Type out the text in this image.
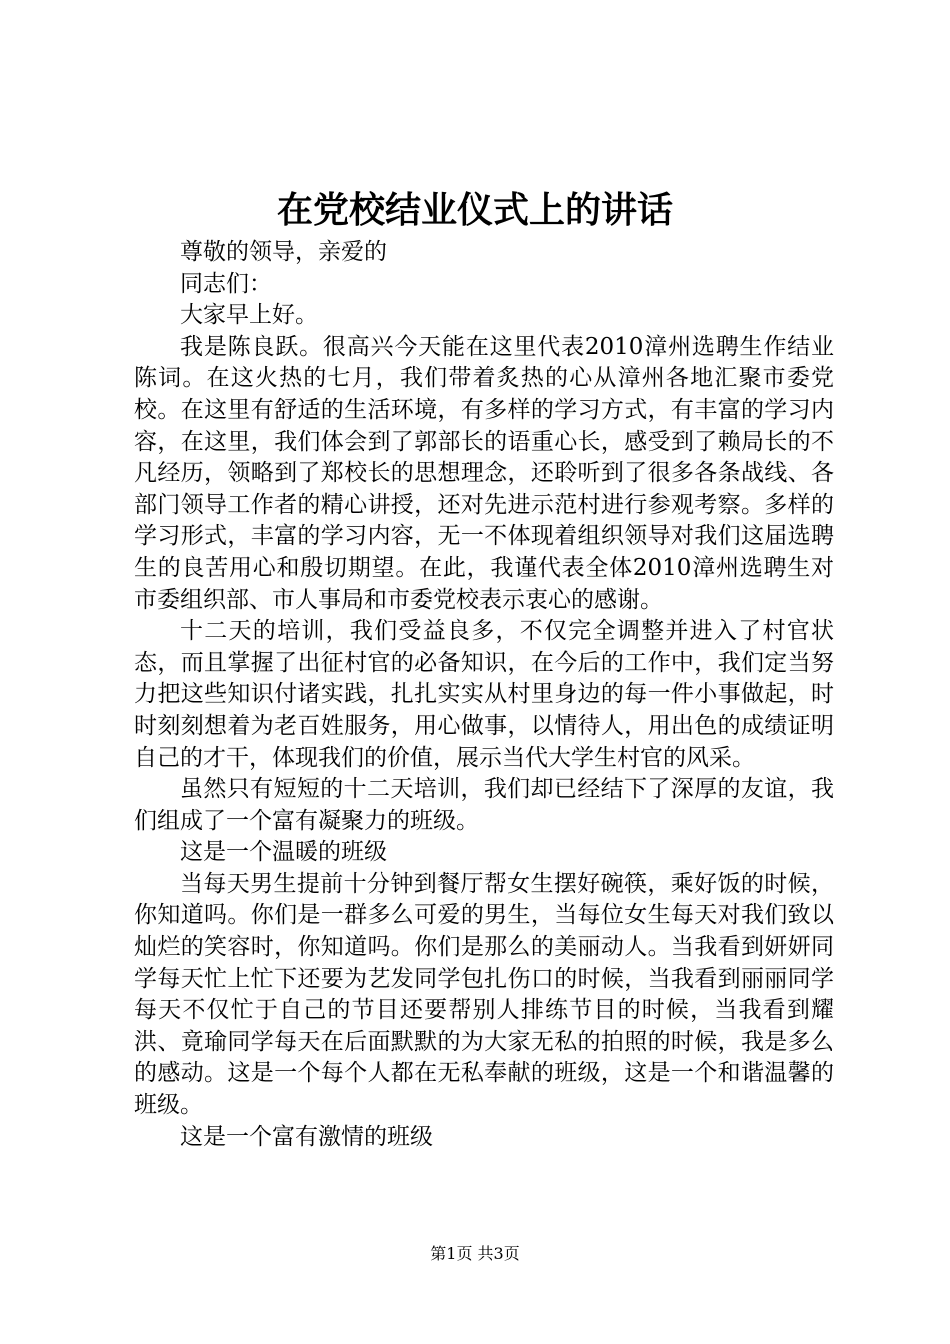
在党校结业仪式上的讲话

尊敬的领导，亲爱的

同志们：

大家早上好。

我是陈良跃。很高兴今天能在这里代表2010漳州选聘生作结业陈词。在这火热的七月，我们带着炙热的心从漳州各地汇聚市委党校。在这里有舒适的生活环境，有多样的学习方式，有丰富的学习内容，在这里，我们体会到了郭部长的语重心长，感受到了赖局长的不凡经历，领略到了郑校长的思想理念，还聆听到了很多各条战线、各部门领导工作者的精心讲授，还对先进示范村进行参观考察。多样的学习形式，丰富的学习内容，无一不体现着组织领导对我们这届选聘生的良苦用心和殷切期望。在此，我谨代表全体2010漳州选聘生对市委组织部、市人事局和市委党校表示衷心的感谢。

十二天的培训，我们受益良多，不仅完全调整并进入了村官状态，而且掌握了出征村官的必备知识，在今后的工作中，我们定当努力把这些知识付诸实践，扎扎实实从村里身边的每一件小事做起，时时刻刻想着为老百姓服务，用心做事，以情待人，用出色的成绩证明自己的才干，体现我们的价值，展示当代大学生村官的风采。

虽然只有短短的十二天培训，我们却已经结下了深厚的友谊，我们组成了一个富有凝聚力的班级。

这是一个温暖的班级

当每天男生提前十分钟到餐厅帮女生摆好碗筷，乘好饭的时候，你知道吗。你们是一群多么可爱的男生，当每位女生每天对我们致以灿烂的笑容时，你知道吗。你们是那么的美丽动人。当我看到妍妍同学每天忙上忙下还要为艺发同学包扎伤口的时候，当我看到丽丽同学每天不仅忙于自己的节目还要帮别人排练节目的时候，当我看到耀洪、竟瑜同学每天在后面默默的为大家无私的拍照的时候，我是多么的感动。这是一个每个人都在无私奉献的班级，这是一个和谐温馨的班级。

这是一个富有激情的班级

第1页 共3页
